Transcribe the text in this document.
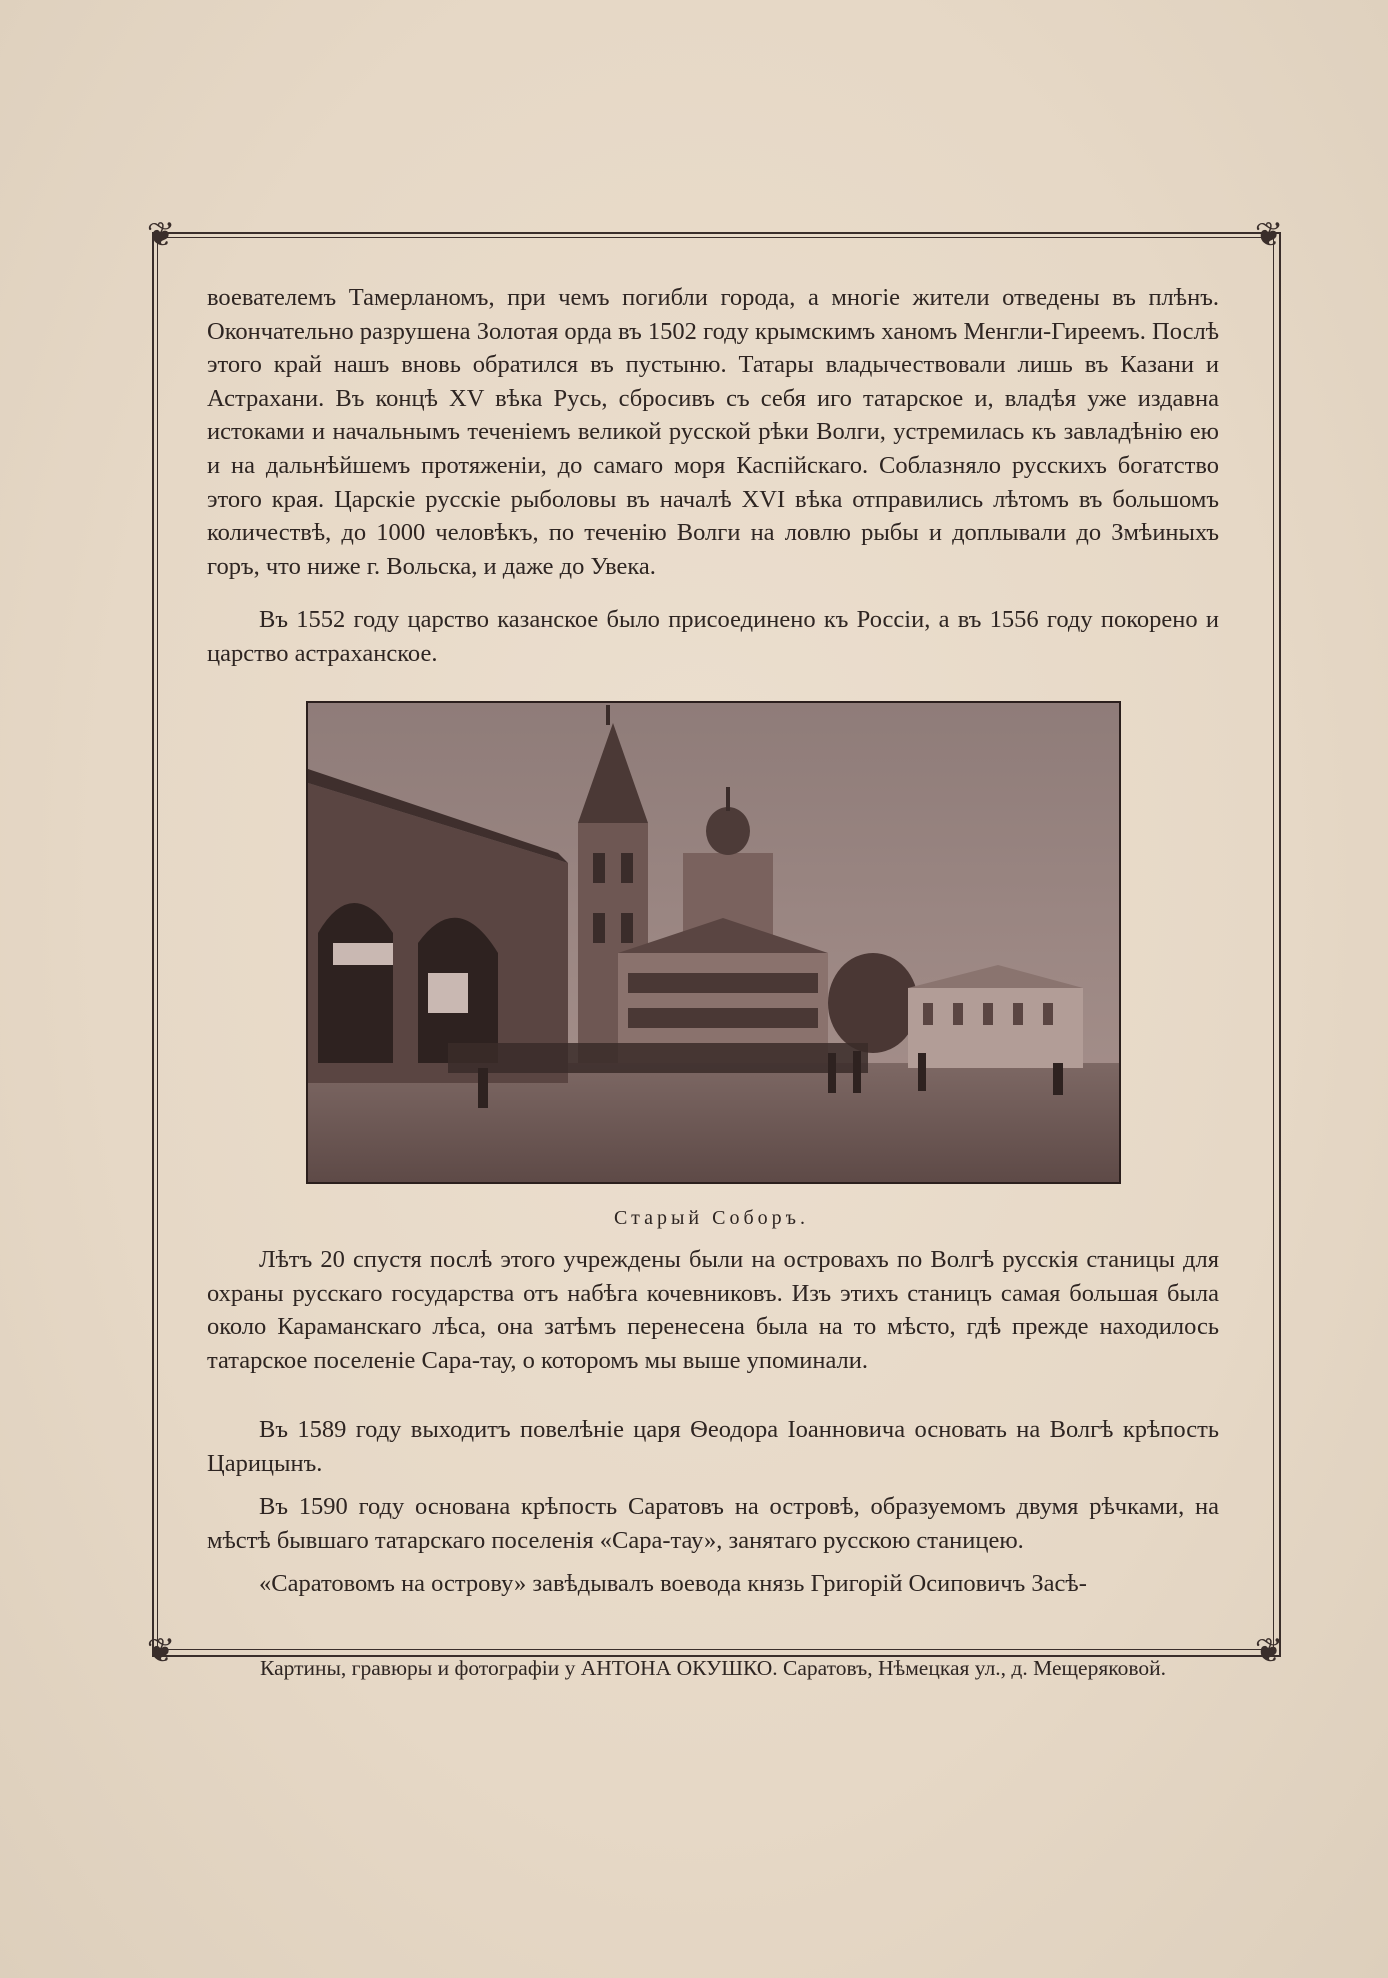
❦	❦
❦	❦

воевателемъ Тамерланомъ, при чемъ погибли города, а многiе жители отведены въ плѣнъ. Окончательно разрушена Золотая орда въ 1502 году крымскимъ ханомъ Менгли-Гиреемъ. Послѣ этого край нашъ вновь обратился въ пустыню. Татары владычествовали лишь въ Казани и Астрахани. Въ концѣ XV вѣка Русь, сбросивъ съ себя иго татарское и, владѣя уже издавна истоками и начальнымъ теченiемъ великой русской рѣки Волги, устремилась къ завладѣнiю ею и на дальнѣйшемъ протяженiи, до самаго моря Каспiйскаго. Соблазняло русскихъ богатство этого края. Царскiе русскiе рыболовы въ началѣ XVI вѣка отправились лѣтомъ въ большомъ количествѣ, до 1000 человѣкъ, по теченiю Волги на ловлю рыбы и доплывали до Змѣиныхъ горъ, что ниже г. Вольска, и даже до Увека.

Въ 1552 году царство казанское было присоединено къ Россiи, а въ 1556 году покорено и царство астраханское.

Старый Соборъ.

Лѣтъ 20 спустя послѣ этого учреждены были на островахъ по Волгѣ русскiя станицы для охраны русскаго государства отъ набѣга кочевниковъ. Изъ этихъ станицъ самая большая была около Караманскаго лѣса, она затѣмъ перенесена была на то мѣсто, гдѣ прежде находилось татарское поселенiе Сара-тау, о которомъ мы выше упоминали.

Въ 1589 году выходитъ повелѣнiе царя Ѳеодора Iоанновича основать на Волгѣ крѣпость Царицынъ.

Въ 1590 году основана крѣпость Саратовъ на островѣ, образуемомъ двумя рѣчками, на мѣстѣ бывшаго татарскаго поселенiя «Сара-тау», занятаго русскою станицею.

«Саратовомъ на острову» завѣдывалъ воевода князь Григорiй Осиповичъ Засѣ-

Картины, гравюры и фотографiи у АНТОНА ОКУШКО. Саратовъ, Нѣмецкая ул., д. Мещеряковой.
